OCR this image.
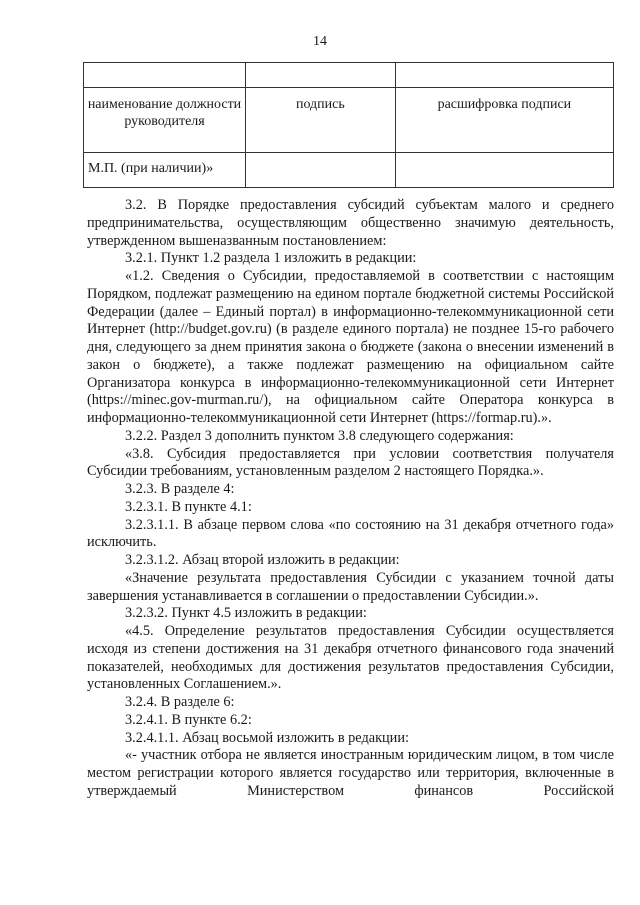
14

наименование должности руководителя	подпись	расшифровка подписи
М.П. (при наличии)»		

3.2. В Порядке предоставления субсидий субъектам малого и среднего предпринимательства, осуществляющим общественно значимую деятельность, утвержденном вышеназванным постановлением:

3.2.1. Пункт 1.2 раздела 1 изложить в редакции:

«1.2. Сведения о Субсидии, предоставляемой в соответствии с настоящим Порядком, подлежат размещению на едином портале бюджетной системы Российской Федерации (далее – Единый портал) в информационно-телекоммуникационной сети Интернет (http://budget.gov.ru) (в разделе единого портала) не позднее 15-го рабочего дня, следующего за днем принятия закона о бюджете (закона о внесении изменений в закон о бюджете), а также подлежат размещению на официальном сайте Организатора конкурса в информационно-телекоммуникационной сети Интернет (https://minec.gov-murman.ru/), на официальном сайте Оператора конкурса в информационно-телекоммуникационной сети Интернет (https://formap.ru).».

3.2.2. Раздел 3 дополнить пунктом 3.8 следующего содержания:

«3.8. Субсидия предоставляется при условии соответствия получателя Субсидии требованиям, установленным разделом 2 настоящего Порядка.».

3.2.3. В разделе 4:

3.2.3.1. В пункте 4.1:

3.2.3.1.1. В абзаце первом слова «по состоянию на 31 декабря отчетного года» исключить.

3.2.3.1.2. Абзац второй изложить в редакции:

«Значение результата предоставления Субсидии с указанием точной даты завершения устанавливается в соглашении о предоставлении Субсидии.».

3.2.3.2. Пункт 4.5 изложить в редакции:

«4.5. Определение результатов предоставления Субсидии осуществляется исходя из степени достижения на 31 декабря отчетного финансового года значений показателей, необходимых для достижения результатов предоставления Субсидии, установленных Соглашением.».

3.2.4. В разделе 6:

3.2.4.1. В пункте 6.2:

3.2.4.1.1. Абзац восьмой изложить в редакции:

«- участник отбора не является иностранным юридическим лицом, в том числе местом регистрации которого является государство или территория, включенные в утверждаемый Министерством финансов Российской
